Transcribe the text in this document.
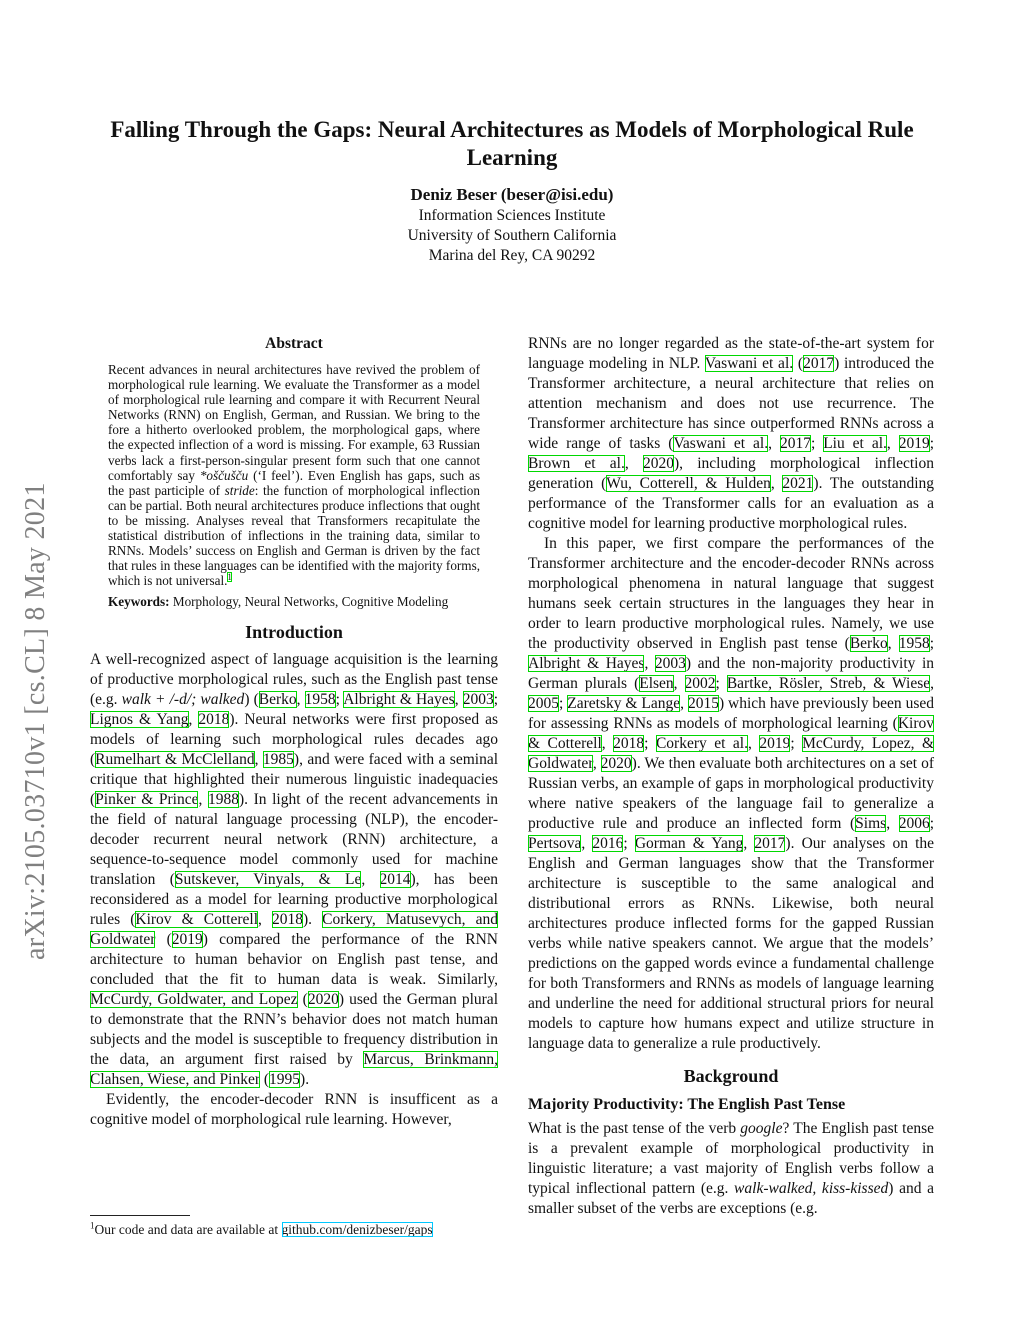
arXiv:2105.03710v1 [cs.CL] 8 May 2021
Falling Through the Gaps: Neural Architectures as Models of Morphological Rule Learning
Deniz Beser (beser@isi.edu)
Information Sciences Institute
University of Southern California
Marina del Rey, CA 90292
Abstract

Recent advances in neural architectures have revived the problem of morphological rule learning. We evaluate the Transformer as a model of morphological rule learning and compare it with Recurrent Neural Networks (RNN) on English, German, and Russian. We bring to the fore a hitherto overlooked problem, the morphological gaps, where the expected inflection of a word is missing. For example, 63 Russian verbs lack a first-person-singular present form such that one cannot comfortably say *oščušču (‘I feel’). Even English has gaps, such as the past participle of stride: the function of morphological inflection can be partial. Both neural architectures produce inflections that ought to be missing. Analyses reveal that Transformers recapitulate the statistical distribution of inflections in the training data, similar to RNNs. Models’ success on English and German is driven by the fact that rules in these languages can be identified with the majority forms, which is not universal.$^1$

Keywords: Morphology, Neural Networks, Cognitive Modeling

Introduction

A well-recognized aspect of language acquisition is the learning of productive morphological rules, such as the English past tense (e.g. walk + /-d/; walked) (Berko, 1958; Albright & Hayes, 2003; Lignos & Yang, 2018). Neural networks were first proposed as models of learning such morphological rules decades ago (Rumelhart & McClelland, 1985), and were faced with a seminal critique that highlighted their numerous linguistic inadequacies (Pinker & Prince, 1988). In light of the recent advancements in the field of natural language processing (NLP), the encoder-decoder recurrent neural network (RNN) architecture, a sequence-to-sequence model commonly used for machine translation (Sutskever, Vinyals, & Le, 2014), has been reconsidered as a model for learning productive morphological rules (Kirov & Cotterell, 2018). Corkery, Matusevych, and Goldwater (2019) compared the performance of the RNN architecture to human behavior on English past tense, and concluded that the fit to human data is weak. Similarly, McCurdy, Goldwater, and Lopez (2020) used the German plural to demonstrate that the RNN’s behavior does not match human subjects and the model is susceptible to frequency distribution in the data, an argument first raised by Marcus, Brinkmann, Clahsen, Wiese, and Pinker (1995).

Evidently, the encoder-decoder RNN is insufficent as a cognitive model of morphological rule learning. However,

RNNs are no longer regarded as the state-of-the-art system for language modeling in NLP. Vaswani et al. (2017) introduced the Transformer architecture, a neural architecture that relies on attention mechanism and does not use recurrence. The Transformer architecture has since outperformed RNNs across a wide range of tasks (Vaswani et al., 2017; Liu et al., 2019; Brown et al., 2020), including morphological inflection generation (Wu, Cotterell, & Hulden, 2021). The outstanding performance of the Transformer calls for an evaluation as a cognitive model for learning productive morphological rules.

In this paper, we first compare the performances of the Transformer architecture and the encoder-decoder RNNs across morphological phenomena in natural language that suggest humans seek certain structures in the languages they hear in order to learn productive morphological rules. Namely, we use the productivity observed in English past tense (Berko, 1958; Albright & Hayes, 2003) and the non-majority productivity in German plurals (Elsen, 2002; Bartke, Rösler, Streb, & Wiese, 2005; Zaretsky & Lange, 2015) which have previously been used for assessing RNNs as models of morphological learning (Kirov & Cotterell, 2018; Corkery et al., 2019; McCurdy, Lopez, & Goldwater, 2020). We then evaluate both architectures on a set of Russian verbs, an example of gaps in morphological productivity where native speakers of the language fail to generalize a productive rule and produce an inflected form (Sims, 2006; Pertsova, 2016; Gorman & Yang, 2017). Our analyses on the English and German languages show that the Transformer architecture is susceptible to the same analogical and distributional errors as RNNs. Likewise, both neural architectures produce inflected forms for the gapped Russian verbs while native speakers cannot. We argue that the models’ predictions on the gapped words evince a fundamental challenge for both Transformers and RNNs as models of language learning and underline the need for additional structural priors for neural models to capture how humans expect and utilize structure in language data to generalize a rule productively.

Background
Majority Productivity: The English Past Tense

What is the past tense of the verb google? The English past tense is a prevalent example of morphological productivity in linguistic literature; a vast majority of English verbs follow a typical inflectional pattern (e.g. walk-walked, kiss-kissed) and a smaller subset of the verbs are exceptions (e.g.

$^1$Our code and data are available at github.com/denizbeser/gaps
